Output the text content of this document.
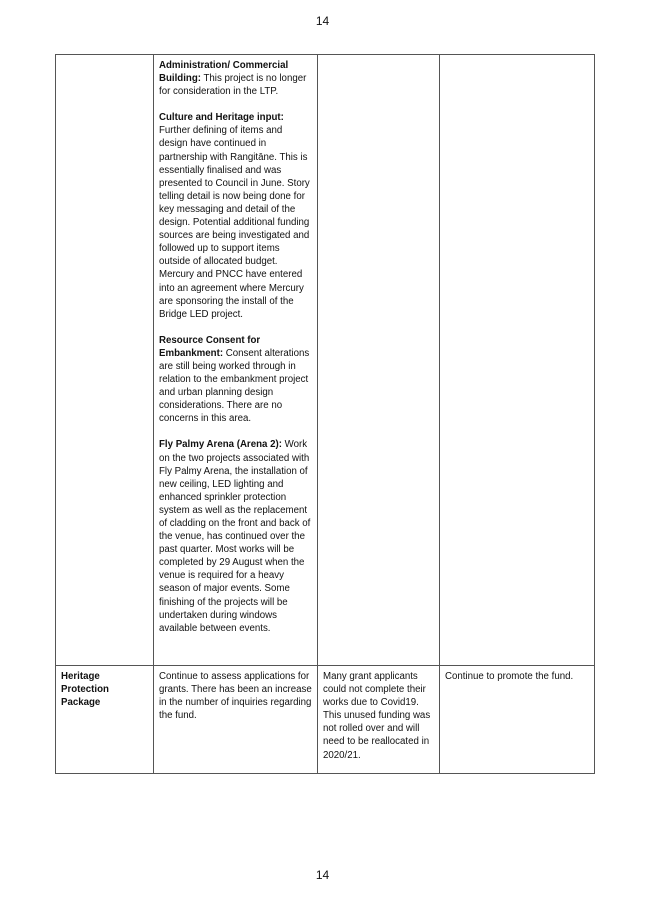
14

	Administration/ Commercial Building: This project is no longer for consideration in the LTP.

Culture and Heritage input: Further defining of items and design have continued in partnership with Rangitāne. This is essentially finalised and was presented to Council in June. Story telling detail is now being done for key messaging and detail of the design. Potential additional funding sources are being investigated and followed up to support items outside of allocated budget. Mercury and PNCC have entered into an agreement where Mercury are sponsoring the install of the Bridge LED project.

Resource Consent for Embankment: Consent alterations are still being worked through in relation to the embankment project and urban planning design considerations. There are no concerns in this area.

Fly Palmy Arena (Arena 2): Work on the two projects associated with Fly Palmy Arena, the installation of new ceiling, LED lighting and enhanced sprinkler protection system as well as the replacement of cladding on the front and back of the venue, has continued over the past quarter. Most works will be completed by 29 August when the venue is required for a heavy season of major events. Some finishing of the projects will be undertaken during windows available between events.		

Heritage Protection Package	Continue to assess applications for grants. There has been an increase in the number of inquiries regarding the fund.	Many grant applicants could not complete their works due to Covid19. This unused funding was not rolled over and will need to be reallocated in 2020/21.	Continue to promote the fund.
14
